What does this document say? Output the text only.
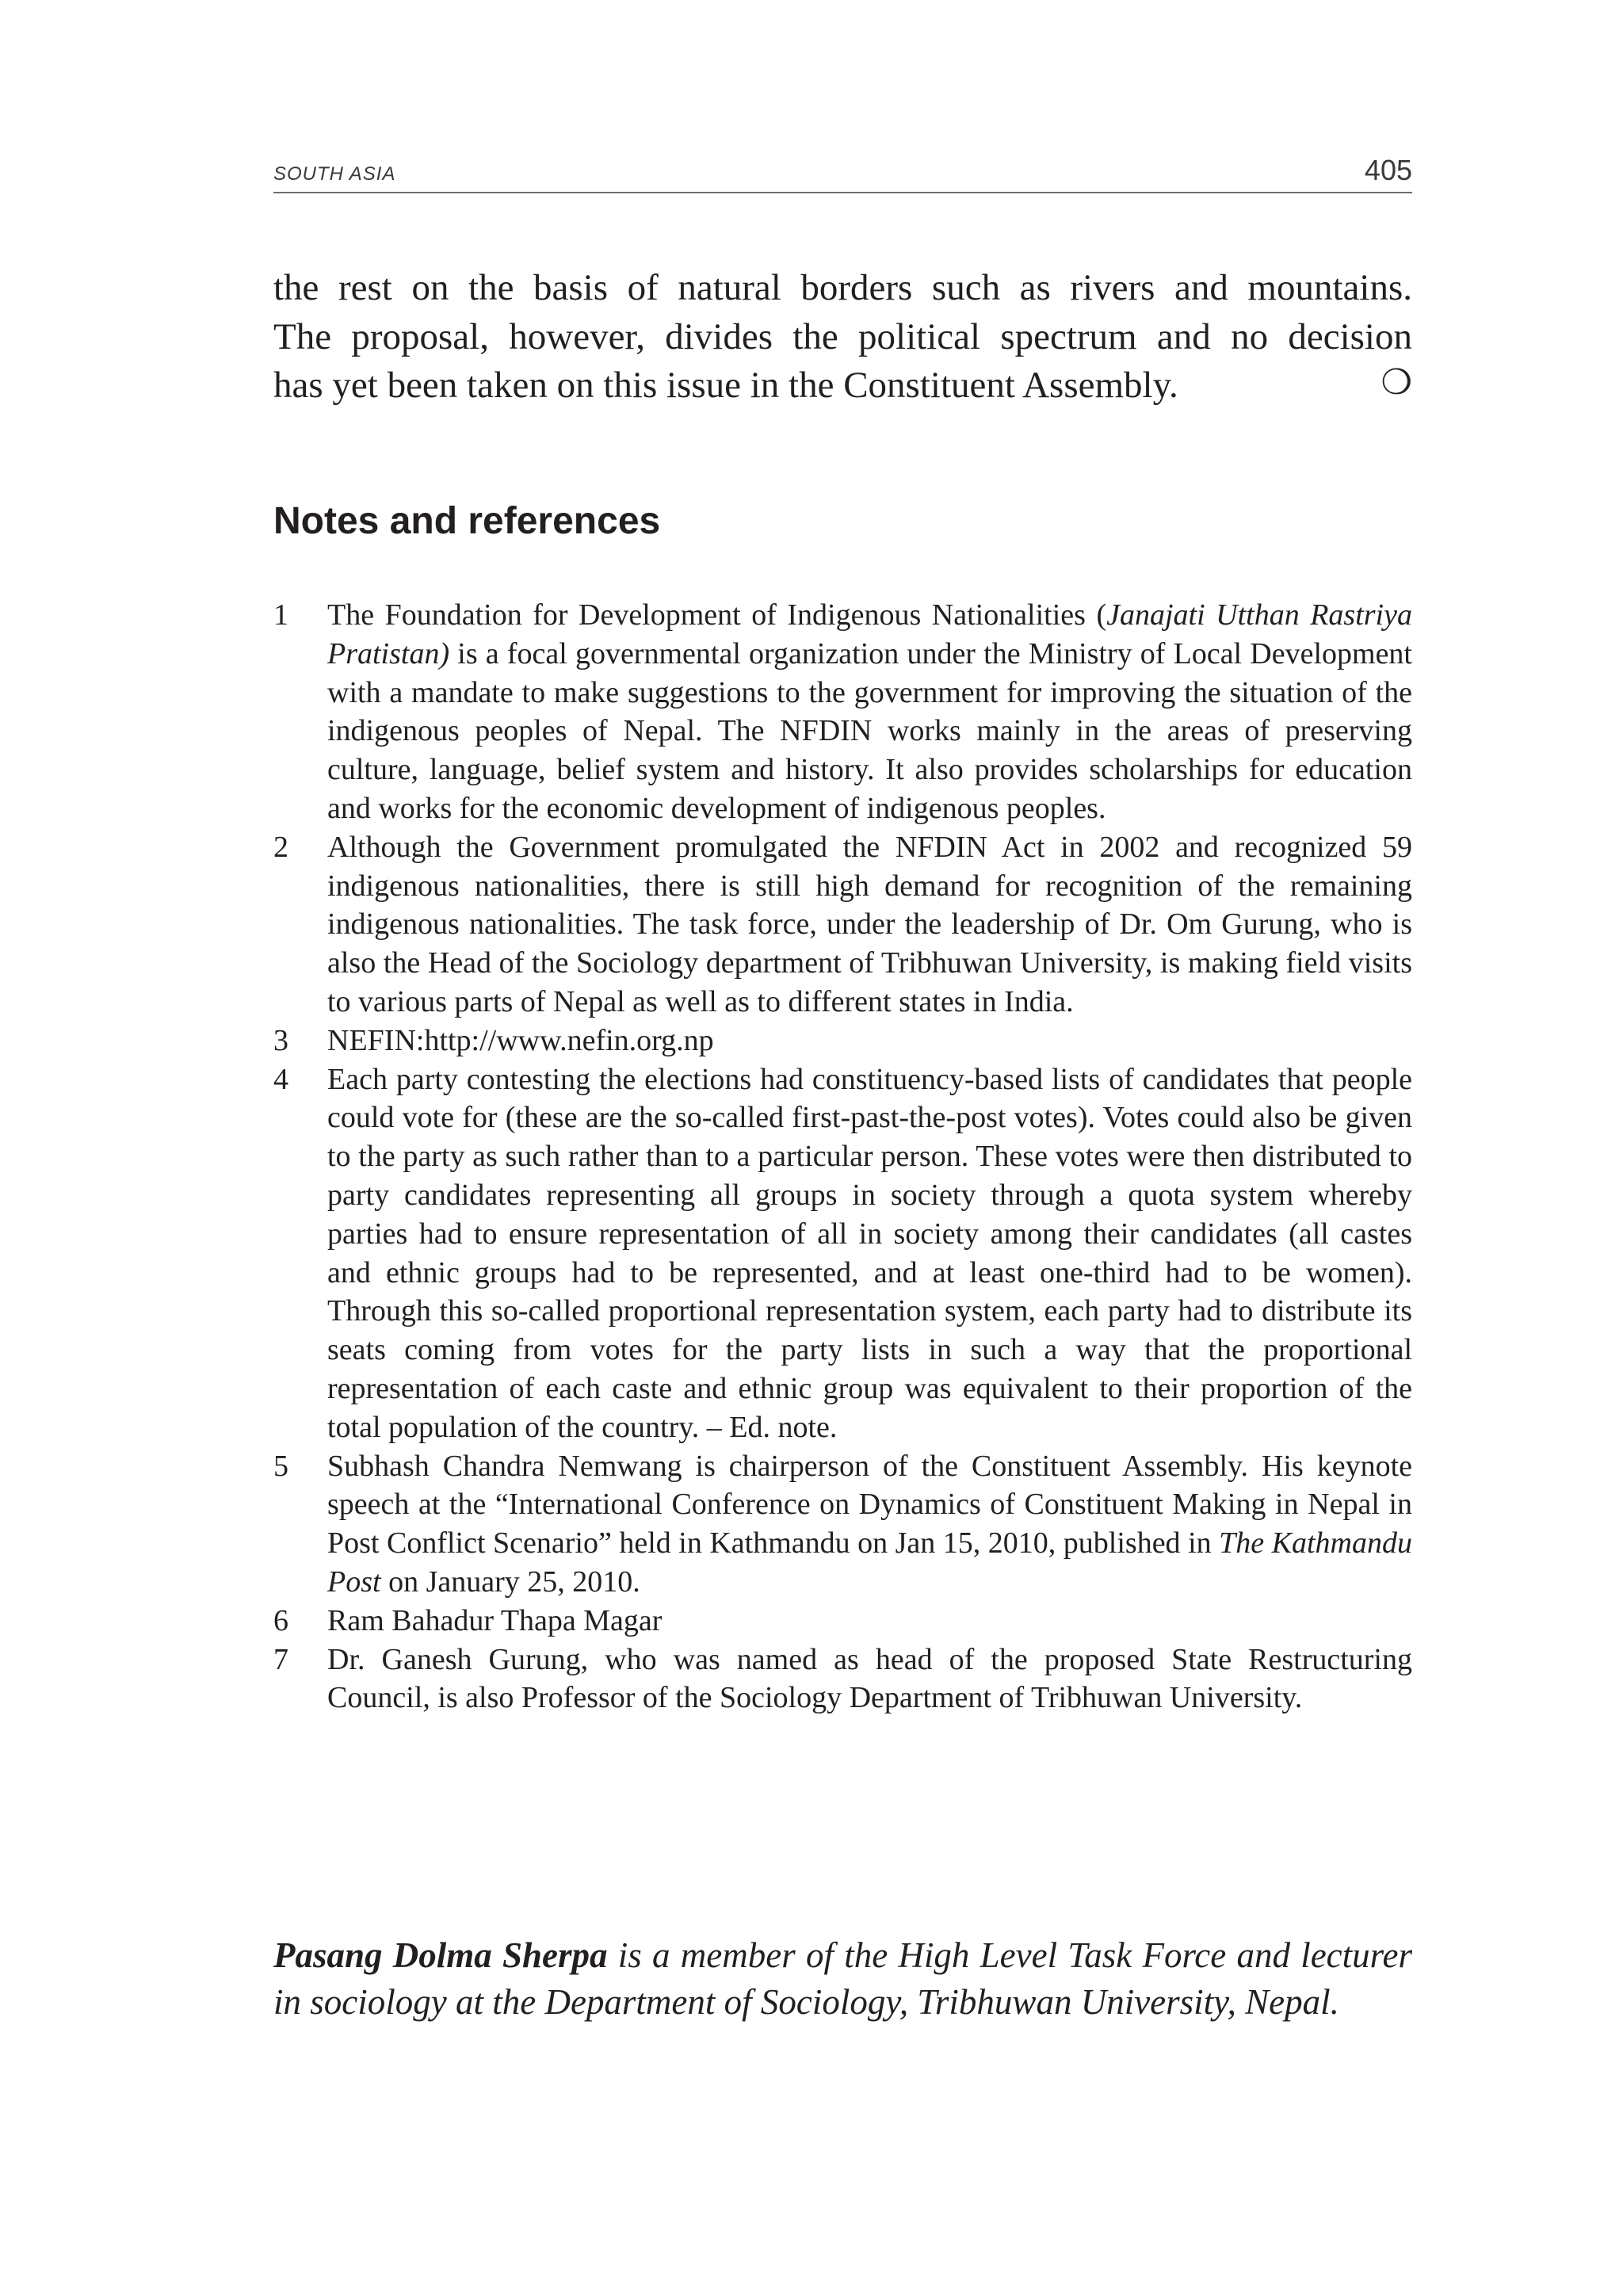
SOUTH ASIA	405

the rest on the basis of natural borders such as rivers and mountains.
The proposal, however, divides the political spectrum and no decision
has yet been taken on this issue in the Constituent Assembly.	❍

Notes and references
1 The Foundation for Development of Indigenous Nationalities (Janajati Utthan Rastriya Pratistan) is a focal governmental organization under the Ministry of Local Development with a mandate to make suggestions to the government for improving the situation of the indigenous peoples of Nepal. The NFDIN works mainly in the areas of preserving culture, language, belief system and history. It also provides scholarships for education and works for the economic development of indigenous peoples.
2 Although the Government promulgated the NFDIN Act in 2002 and recognized 59 indigenous nationalities, there is still high demand for recognition of the remaining indigenous nationalities. The task force, under the leadership of Dr. Om Gurung, who is also the Head of the Sociology department of Tribhuwan University, is making field visits to various parts of Nepal as well as to different states in India.
3 NEFIN:http://www.nefin.org.np
4 Each party contesting the elections had constituency-based lists of candidates that people could vote for (these are the so-called first-past-the-post votes). Votes could also be given to the party as such rather than to a particular person. These votes were then distributed to party candidates representing all groups in society through a quota system whereby parties had to ensure representation of all in society among their candidates (all castes and ethnic groups had to be represented, and at least one-third had to be women). Through this so-called proportional representation system, each party had to distribute its seats coming from votes for the party lists in such a way that the proportional representation of each caste and ethnic group was equivalent to their proportion of the total population of the country. – Ed. note.
5 Subhash Chandra Nemwang is chairperson of the Constituent Assembly. His keynote speech at the “International Conference on Dynamics of Constituent Making in Nepal in Post Conflict Scenario” held in Kathmandu on Jan 15, 2010, published in The Kathmandu Post on January 25, 2010.
6 Ram Bahadur Thapa Magar
7 Dr. Ganesh Gurung, who was named as head of the proposed State Restructuring Council, is also Professor of the Sociology Department of Tribhuwan University.

Pasang Dolma Sherpa is a member of the High Level Task Force and lecturer in sociology at the Department of Sociology, Tribhuwan University, Nepal.
